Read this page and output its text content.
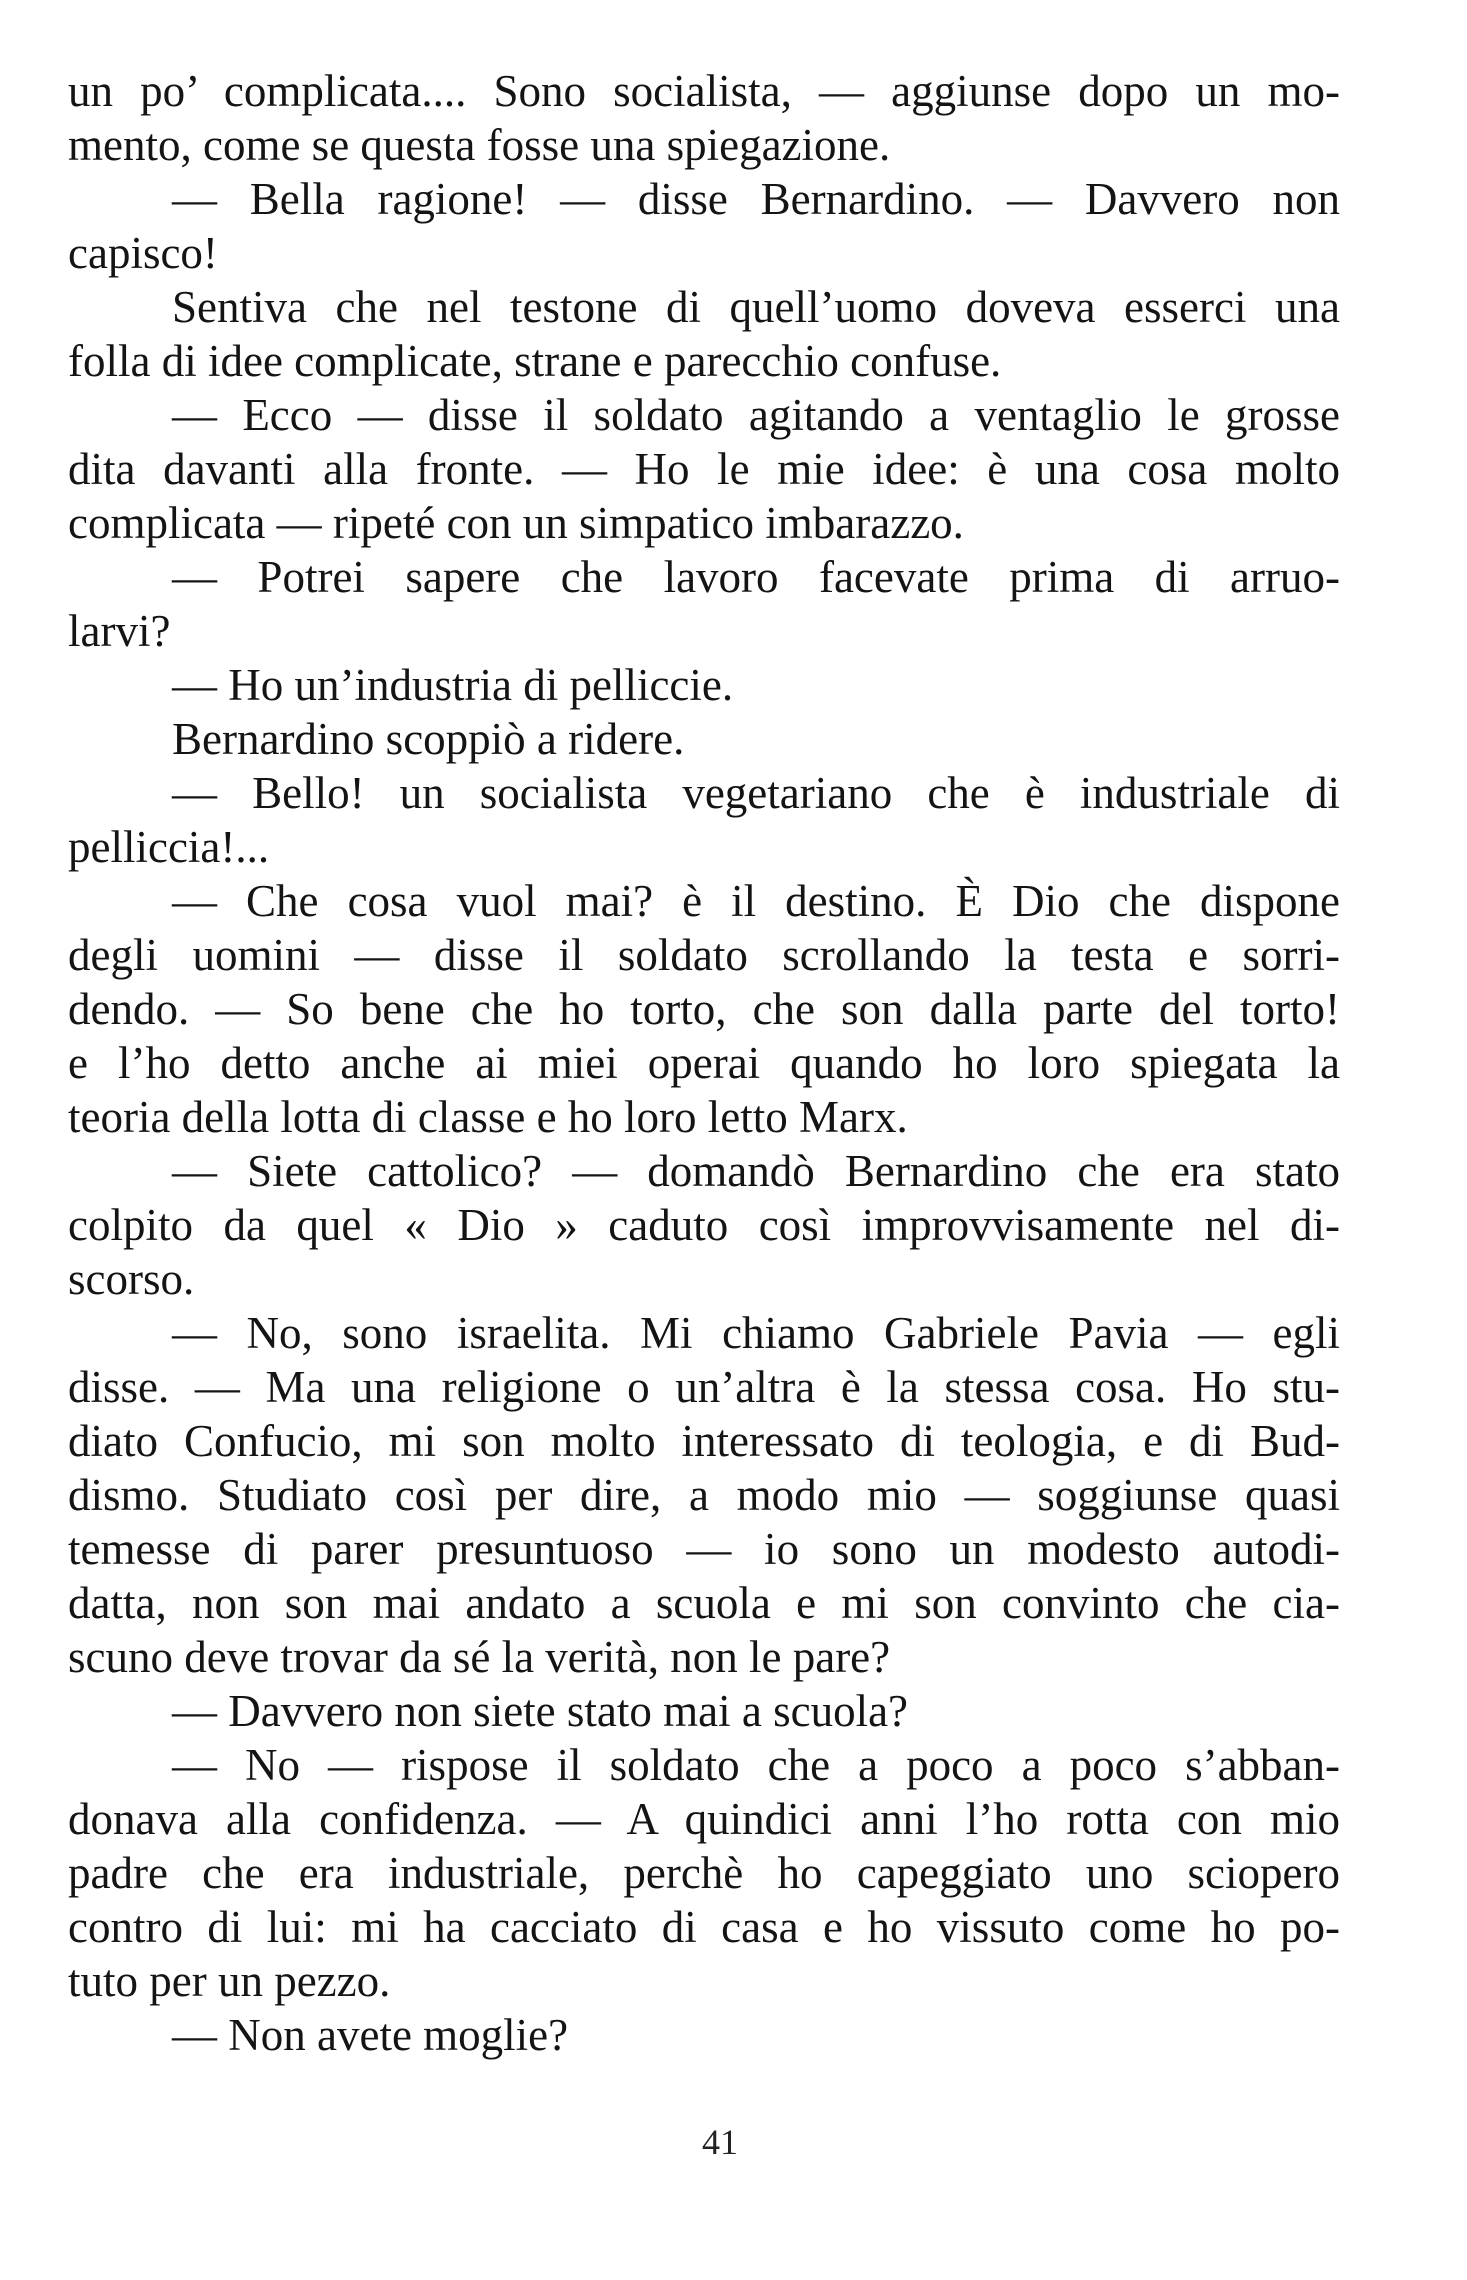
un po’ complicata.... Sono socialista, — aggiunse dopo un mo-
mento, come se questa fosse una spiegazione.
— Bella ragione! — disse Bernardino. — Davvero non
capisco!
Sentiva che nel testone di quell’uomo doveva esserci una
folla di idee complicate, strane e parecchio confuse.
— Ecco — disse il soldato agitando a ventaglio le grosse
dita davanti alla fronte. — Ho le mie idee: è una cosa molto
complicata — ripeté con un simpatico imbarazzo.
— Potrei sapere che lavoro facevate prima di arruo-
larvi?
— Ho un’industria di pelliccie.
Bernardino scoppiò a ridere.
— Bello! un socialista vegetariano che è industriale di
pelliccia!...
— Che cosa vuol mai? è il destino. È Dio che dispone
degli uomini — disse il soldato scrollando la testa e sorri-
dendo. — So bene che ho torto, che son dalla parte del torto!
e l’ho detto anche ai miei operai quando ho loro spiegata la
teoria della lotta di classe e ho loro letto Marx.
— Siete cattolico? — domandò Bernardino che era stato
colpito da quel « Dio » caduto così improvvisamente nel di-
scorso.
— No, sono israelita. Mi chiamo Gabriele Pavia — egli
disse. — Ma una religione o un’altra è la stessa cosa. Ho stu-
diato Confucio, mi son molto interessato di teologia, e di Bud-
dismo. Studiato così per dire, a modo mio — soggiunse quasi
temesse di parer presuntuoso — io sono un modesto autodi-
datta, non son mai andato a scuola e mi son convinto che cia-
scuno deve trovar da sé la verità, non le pare?
— Davvero non siete stato mai a scuola?
— No — rispose il soldato che a poco a poco s’abban-
donava alla confidenza. — A quindici anni l’ho rotta con mio
padre che era industriale, perchè ho capeggiato uno sciopero
contro di lui: mi ha cacciato di casa e ho vissuto come ho po-
tuto per un pezzo.
— Non avete moglie?
41
